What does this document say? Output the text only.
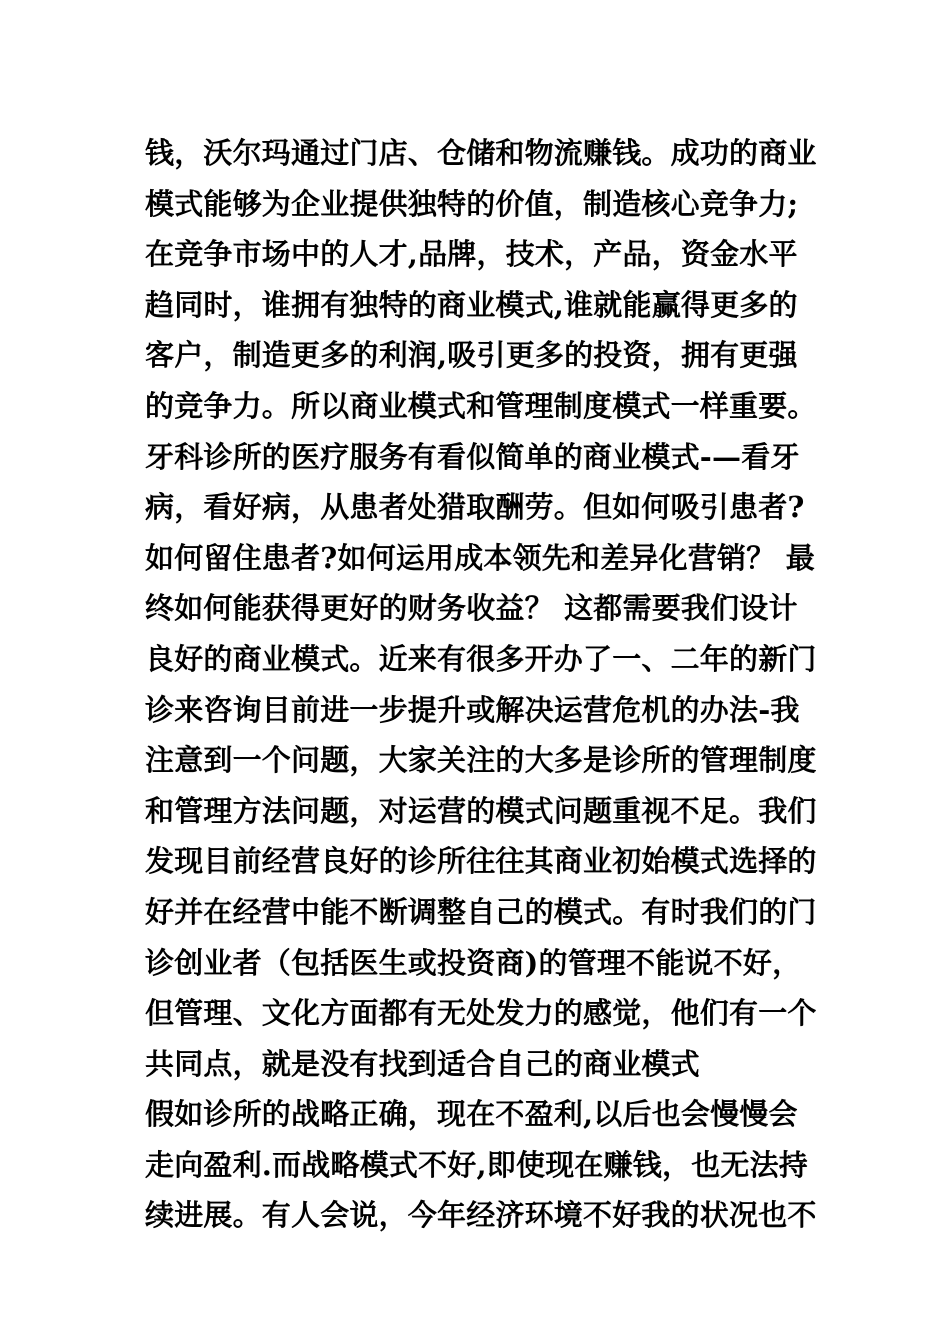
钱，沃尔玛通过门店、仓储和物流赚钱。成功的商业
模式能够为企业提供独特的价值，制造核心竞争力;
在竞争市场中的人才,品牌，技术，产品，资金水平
趋同时，谁拥有独特的商业模式,谁就能赢得更多的
客户，制造更多的利润,吸引更多的投资，拥有更强
的竞争力。所以商业模式和管理制度模式一样重要。
牙科诊所的医疗服务有看似简单的商业模式-—看牙
病，看好病，从患者处猎取酬劳。但如何吸引患者?
如何留住患者?如何运用成本领先和差异化营销？ 最
终如何能获得更好的财务收益？ 这都需要我们设计
良好的商业模式。近来有很多开办了一、二年的新门
诊来咨询目前进一步提升或解决运营危机的办法-我
注意到一个问题，大家关注的大多是诊所的管理制度
和管理方法问题，对运营的模式问题重视不足。我们
发现目前经营良好的诊所往往其商业初始模式选择的
好并在经营中能不断调整自己的模式。有时我们的门
诊创业者（包括医生或投资商)的管理不能说不好，
但管理、文化方面都有无处发力的感觉，他们有一个
共同点，就是没有找到适合自己的商业模式
假如诊所的战略正确，现在不盈利,以后也会慢慢会
走向盈利.而战略模式不好,即使现在赚钱，也无法持
续进展。有人会说，今年经济环境不好我的状况也不
